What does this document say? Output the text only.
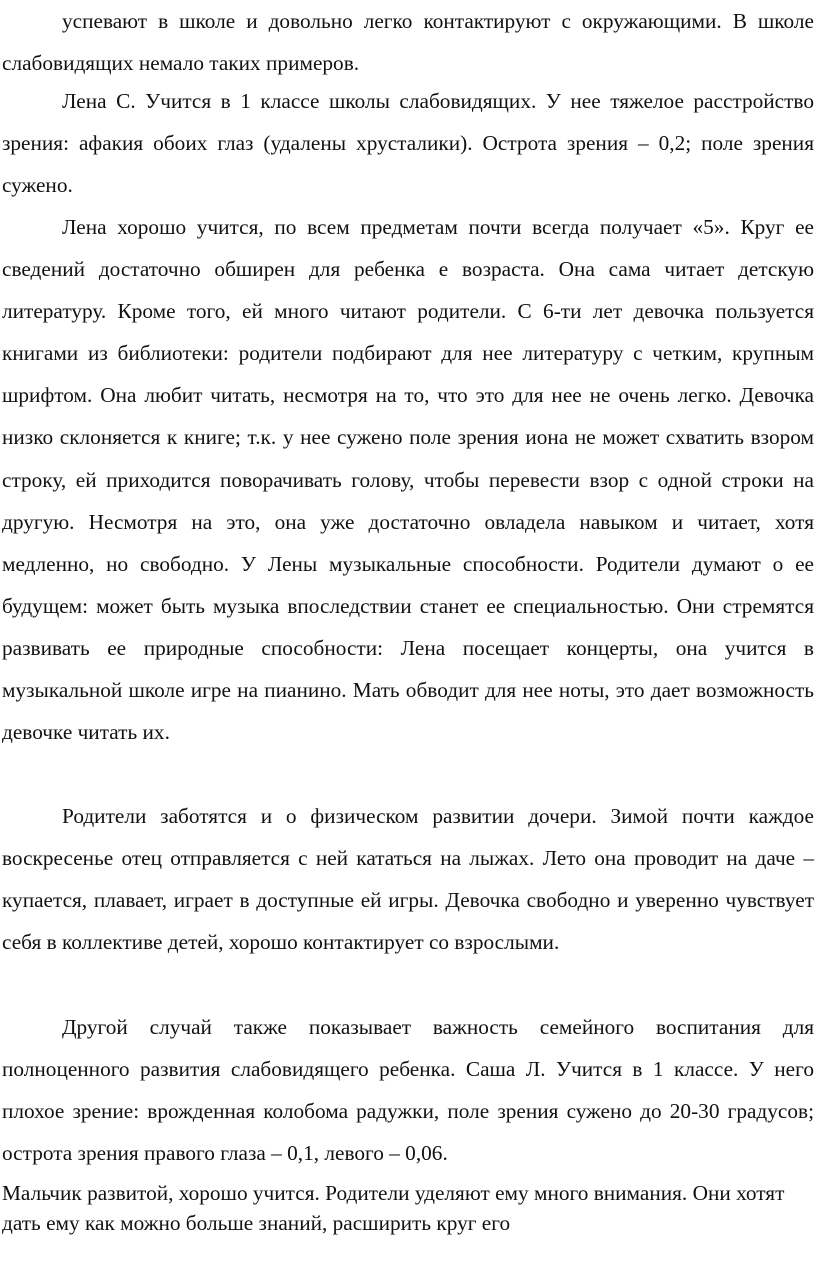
успевают в школе и довольно легко контактируют с окружающими. В школе слабовидящих немало таких примеров.

Лена С. Учится в 1 классе школы слабовидящих. У нее тяжелое расстройство зрения: афакия обоих глаз (удалены хрусталики). Острота зрения – 0,2; поле зрения сужено.

Лена хорошо учится, по всем предметам почти всегда получает «5». Круг ее сведений достаточно обширен для ребенка е возраста. Она сама читает детскую литературу. Кроме того, ей много читают родители. С 6-ти лет девочка пользуется книгами из библиотеки: родители подбирают для нее литературу с четким, крупным шрифтом. Она любит читать, несмотря на то, что это для нее не очень легко. Девочка низко склоняется к книге; т.к. у нее сужено поле зрения иона не может схватить взором строку, ей приходится поворачивать голову, чтобы перевести взор с одной строки на другую. Несмотря на это, она уже достаточно овладела навыком и читает, хотя медленно, но свободно. У Лены музыкальные способности. Родители думают о ее будущем: может быть музыка впоследствии станет ее специальностью. Они стремятся развивать ее природные способности: Лена посещает концерты, она учится в музыкальной школе игре на пианино. Мать обводит для нее ноты, это дает возможность девочке читать их.

Родители заботятся и о физическом развитии дочери. Зимой почти каждое воскресенье отец отправляется с ней кататься на лыжах. Лето она проводит на даче – купается, плавает, играет в доступные ей игры. Девочка свободно и уверенно чувствует себя в коллективе детей, хорошо контактирует со взрослыми.

Другой случай также показывает важность семейного воспитания для полноценного развития слабовидящего ребенка. Саша Л. Учится в 1 классе. У него плохое зрение: врожденная колобома радужки, поле зрения сужено до 20-30 градусов; острота зрения правого глаза – 0,1, левого – 0,06.

Мальчик развитой, хорошо учится. Родители уделяют ему много внимания. Они хотят дать ему как можно больше знаний, расширить круг его
